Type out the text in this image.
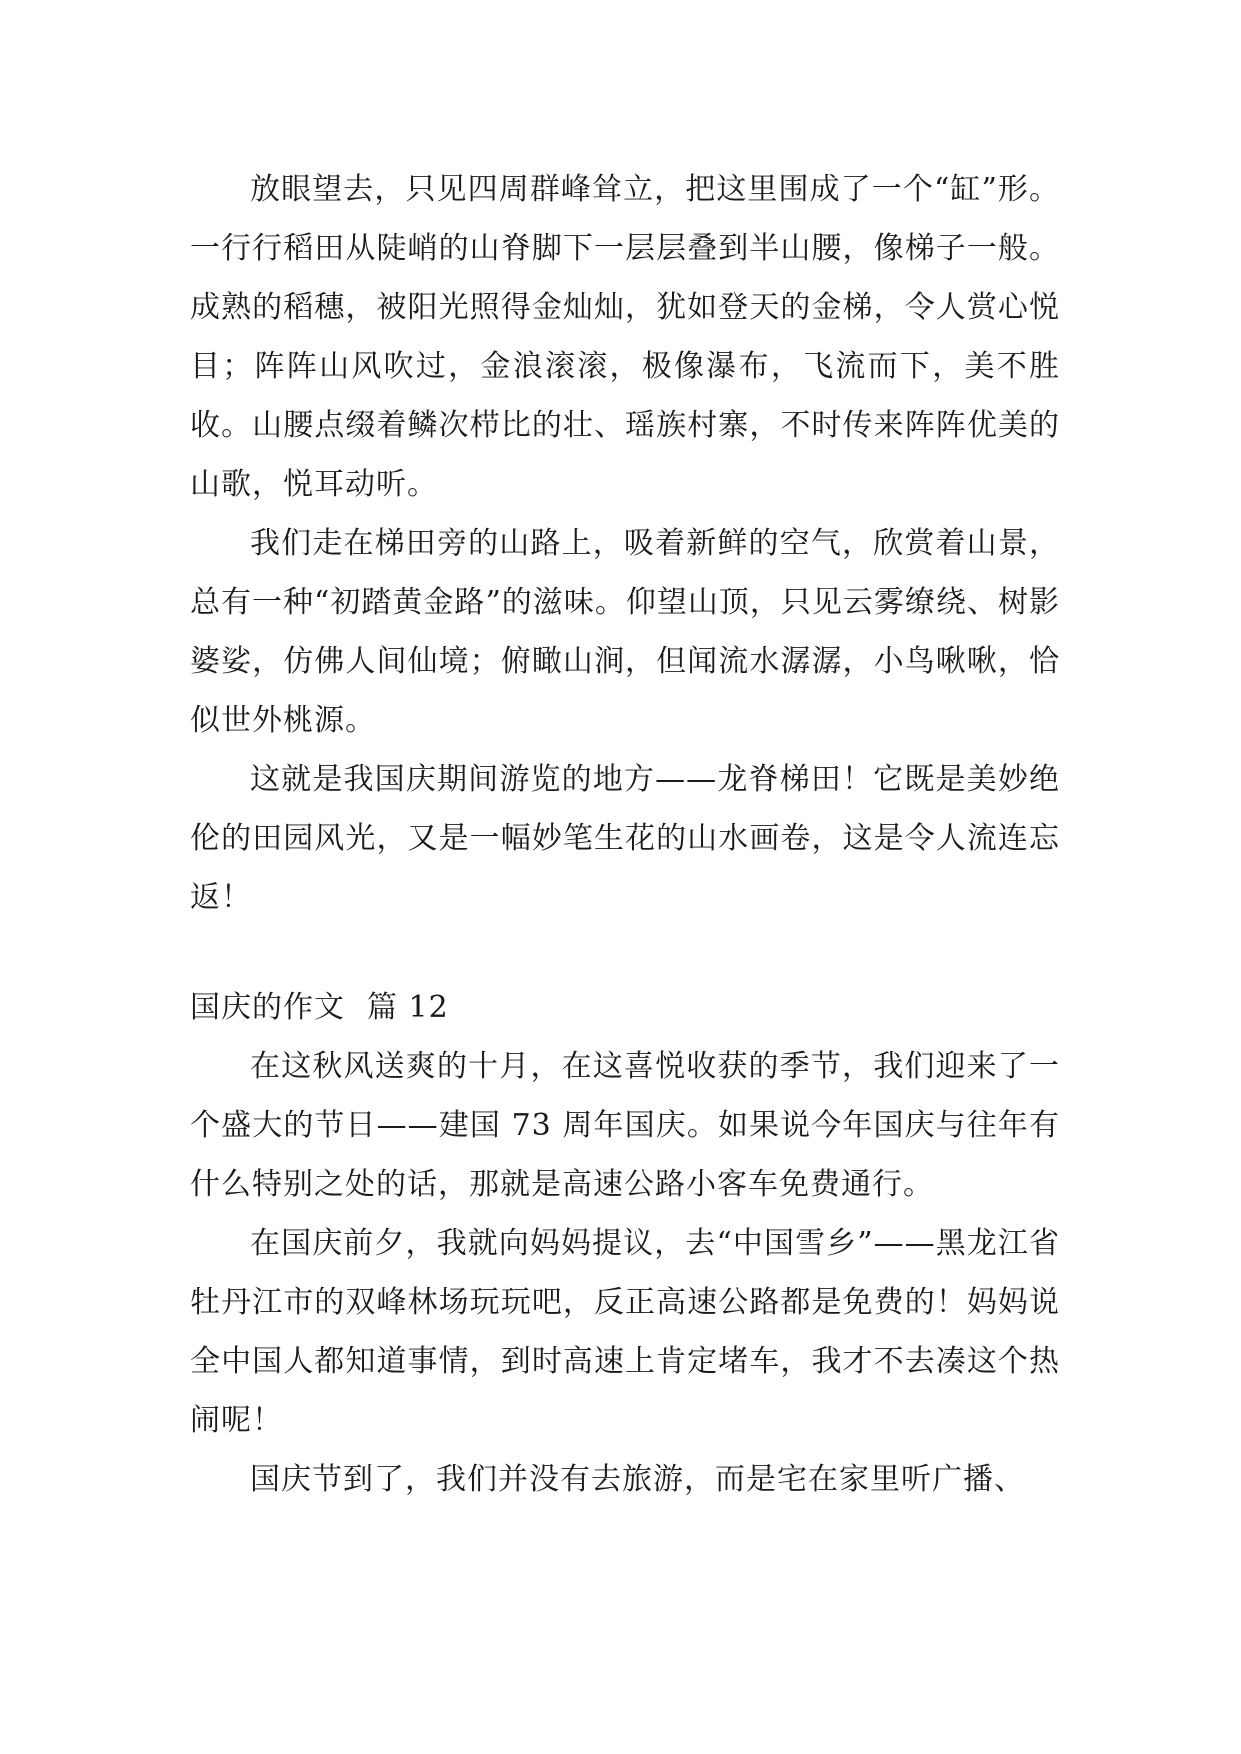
放眼望去，只见四周群峰耸立，把这里围成了一个“缸”形。一行行稻田从陡峭的山脊脚下一层层叠到半山腰，像梯子一般。成熟的稻穗，被阳光照得金灿灿，犹如登天的金梯，令人赏心悦目；阵阵山风吹过，金浪滚滚，极像瀑布，飞流而下，美不胜收。山腰点缀着鳞次栉比的壮、瑶族村寨，不时传来阵阵优美的山歌，悦耳动听。

我们走在梯田旁的山路上，吸着新鲜的空气，欣赏着山景，总有一种“初踏黄金路”的滋味。仰望山顶，只见云雾缭绕、树影婆娑，仿佛人间仙境；俯瞰山涧，但闻流水潺潺，小鸟啾啾，恰似世外桃源。

这就是我国庆期间游览的地方——龙脊梯田！它既是美妙绝伦的田园风光，又是一幅妙笔生花的山水画卷，这是令人流连忘返！

国庆的作文 篇 12

在这秋风送爽的十月，在这喜悦收获的季节，我们迎来了一个盛大的节日——建国 73 周年国庆。如果说今年国庆与往年有什么特别之处的话，那就是高速公路小客车免费通行。

在国庆前夕，我就向妈妈提议，去“中国雪乡”——黑龙江省牡丹江市的双峰林场玩玩吧，反正高速公路都是免费的！妈妈说全中国人都知道事情，到时高速上肯定堵车，我才不去凑这个热闹呢！

国庆节到了，我们并没有去旅游，而是宅在家里听广播、
